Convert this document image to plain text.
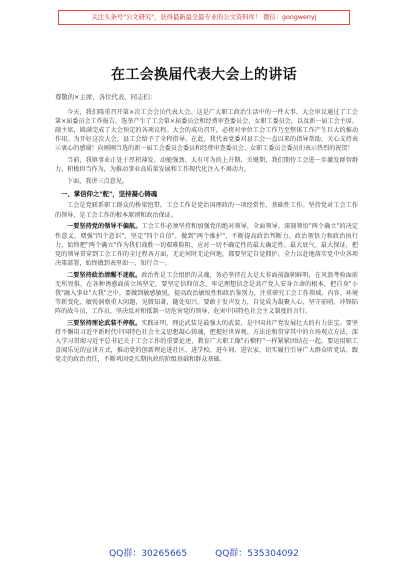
关注头条号"公文研究"，获得最新最全最专业的公文资料库！ 微信：gongwenyj
在工会换届代表大会上的讲话
尊敬的×主席、各位代表、同志们：

今天，我们隆重召开第×次工会会员代表大会。这是广大职工政治生活中的一件大事。大会审议通过了工会第×届委员会工作报告，选举产生了工会第×届委员会和经费审查委员会、女职工委员会，以及新一届工会主席、副主席，圆满完成了大会预定的各项议程。大会的成功召开，必将对单位工会工作乃至整体工作产生巨大的推动作用。为开好这次大会，县工会给予了全程指导。在此，我代表党委对县工会一直以来的指导帮助、关心支持表示衷心的感谢！向刚刚当选的新一届工会委员会委员和经费审查委员会、女职工委员会委员们表示热烈的祝贺！

当前，我镇事业正处于厚积薄发、动能强劲、大有可为的上升期、关键期，我们期待工会进一步激发群智群力，积极担当作为，为推动事业高质量发展和工作现代化注入不竭动力。

下面，我讲三点意见。

一、掌信仰之"舵"，坚持凝心铸魂

工会是党联系职工群众的桥梁纽带。工会工作是党治国理政的一项经常性、基础性工作。坚持党对工会工作的领导，是工会工作的根本原则和政治保证。

一要坚持党的领导不偏航。工会工作必须坚持和加强党的绝对领导，全面领导，深刻领悟"两个确立"的决定性意义，增强"四个意识"，坚定"四个自信"，做到"两个维护"，不断提高政治判断力、政治领悟力和政治执行力，始终把"两个确立"作为我们战胜一切艰难险阻、应对一切不确定性的最大确定性、最大底气、最大保证，把党的领导贯穿到工会工作的全过程各方面，无论何时无论何地，都要坚定自觉拥护、全力以赴地落实党中央各项决策部署，始终做到表里如一、知行合一。

二要坚持政治清醒不迷航。政治性是工会组织的灵魂，务必坚持在大是大非面前旗帜鲜明，在风浪考验面前无所畏惧，在各种诱惑面前立场坚定，要坚定信仰信念，牢记理想信念是共产党人安身立命的根本，把自身"小我"融入事业"大我"之中。要做到敏感敏锐，提高政治敏锐性和政治鉴别力，注重研究工会工作领域、内容、环境等新变化，敏锐洞察重大问题，见微知著，随处知兴。要敢于发声发力，自觉成为凝聚人心、坚守前哨、冲锋陷阵的战斗员，工作员，坚决反对和抵制一切危害党的领导、危害中国特色社会主义制度的言行。

三要坚持理论武装不停航。实践证明，理论武装是最强大的武装，是中国共产党发展壮大的有力法宝。要坚持不懈用习近平新时代中国特色社会主义思想凝心铸魂，把握好世界观、方法论和贯穿其中的立场观点方法，深入学习贯彻习近平总书记关于工会工作的重要论述，教育广大职工像"石榴籽"一样紧紧团结在一起，要运用职工喜闻乐见的宣讲方式，推动党的创新理论进社区、进学校、进车间、进农家，切实履行引导广大群众听党话、跟党走的政治责任，不断巩固党长期执政的阶级基础和群众基础。

QQ群：30265665	QQ群：535304092
